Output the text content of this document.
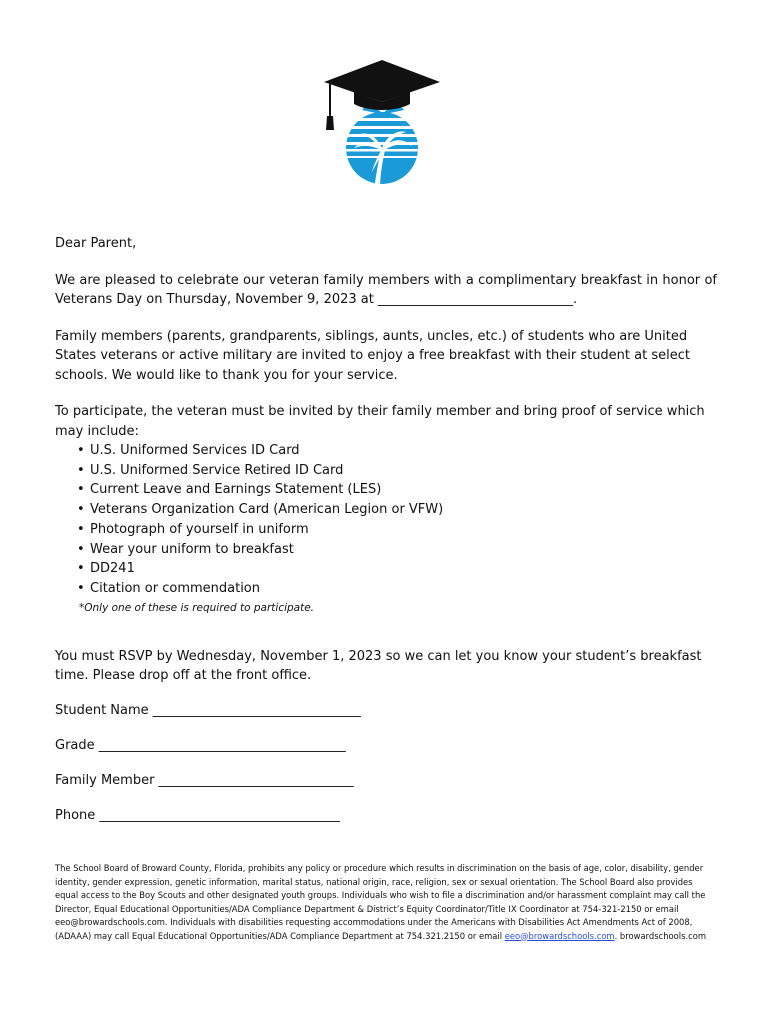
Dear Parent,

We are pleased to celebrate our veteran family members with a complimentary breakfast in honor of Veterans Day on Thursday, November 9, 2023 at ______________________________.

Family members (parents, grandparents, siblings, aunts, uncles, etc.) of students who are United States veterans or active military are invited to enjoy a free breakfast with their student at select schools. We would like to thank you for your service.

To participate, the veteran must be invited by their family member and bring proof of service which may include:

• U.S. Uniformed Services ID Card
• U.S. Uniformed Service Retired ID Card
• Current Leave and Earnings Statement (LES)
• Veterans Organization Card (American Legion or VFW)
• Photograph of yourself in uniform
• Wear your uniform to breakfast
• DD241
• Citation or commendation

*Only one of these is required to participate.

You must RSVP by Wednesday, November 1, 2023 so we can let you know your student’s breakfast time. Please drop off at the front office.

Student Name ________________________________
Grade ______________________________________
Family Member ______________________________
Phone _____________________________________
The School Board of Broward County, Florida, prohibits any policy or procedure which results in discrimination on the basis of age, color, disability, gender identity, gender expression, genetic information, marital status, national origin, race, religion, sex or sexual orientation. The School Board also provides equal access to the Boy Scouts and other designated youth groups. Individuals who wish to file a discrimination and/or harassment complaint may call the Director, Equal Educational Opportunities/ADA Compliance Department & District’s Equity Coordinator/Title IX Coordinator at 754-321-2150 or email eeo@browardschools.com. Individuals with disabilities requesting accommodations under the Americans with Disabilities Act Amendments Act of 2008, (ADAAA) may call Equal Educational Opportunities/ADA Compliance Department at 754.321.2150 or email eeo@browardschools.com. browardschools.com
